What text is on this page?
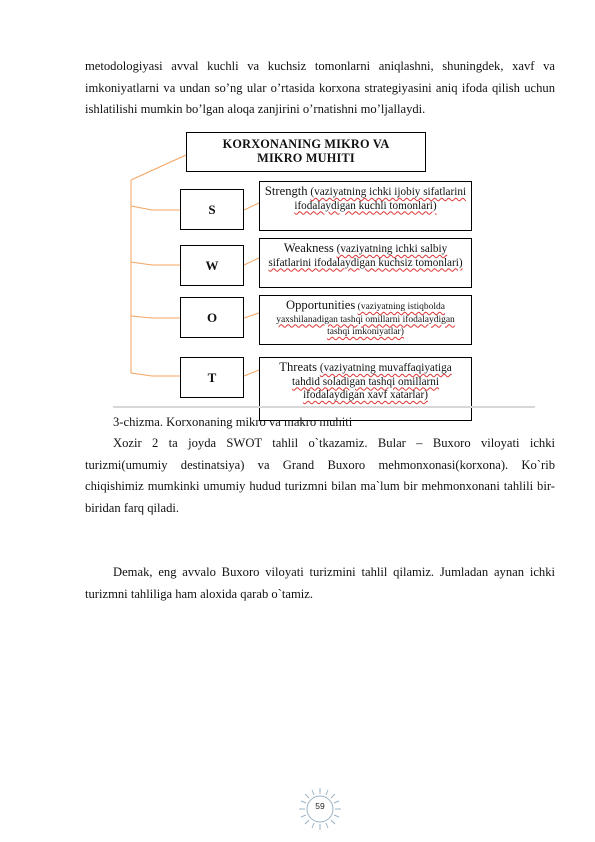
metodologiyasi avval kuchli va kuchsiz tomonlarni aniqlashni, shuningdek, xavf va imkoniyatlarni va undan so’ng ular o’rtasida korxona strategiyasini aniq ifoda qilish uchun ishlatilishi mumkin bo’lgan aloqa zanjirini o’rnatishni mo’ljallaydi.

KORXONANING MIKRO VA
MIKRO MUHITI
S
Strength (vaziyatning ichki ijobiy sifatlarini ifodalaydigan kuchli tomonlari)
W
Weakness (vaziyatning ichki salbiy sifatlarini ifodalaydigan kuchsiz tomonlari)
O
Opportunities (vaziyatning istiqbolda yaxshilanadigan tashqi omillarni ifodalaydigan tashqi imkoniyatlar)
T
Threats (vaziyatning muvaffaqiyatiga tahdid soladigan tashqi omillarni ifodalaydigan xavf xatarlar)
3-chizma. Korxonaning mikro va makro muhiti

Xozir 2 ta joyda SWOT tahlil o`tkazamiz. Bular – Buxoro viloyati ichki turizmi(umumiy destinatsiya) va Grand Buxoro mehmonxonasi(korxona). Ko`rib chiqishimiz mumkinki umumiy hudud turizmni bilan ma`lum bir mehmonxonani tahlili bir-biridan farq qiladi.

Demak, eng avvalo Buxoro viloyati turizmini tahlil qilamiz. Jumladan aynan ichki turizmni tahliliga ham aloxida qarab o`tamiz.

59
